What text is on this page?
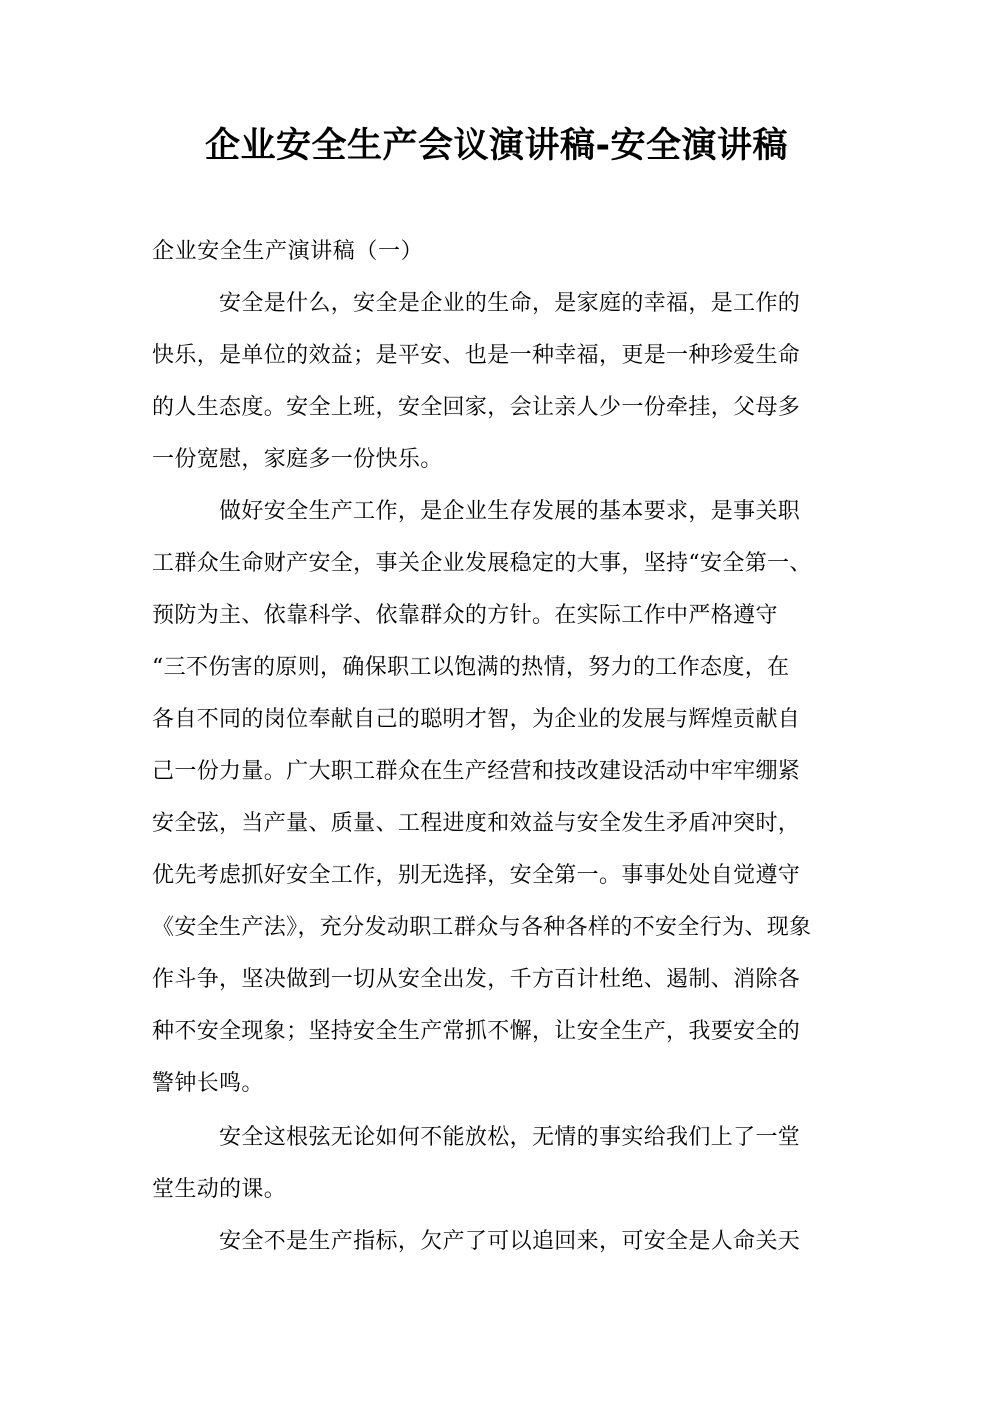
企业安全生产会议演讲稿-安全演讲稿
企业安全生产演讲稿（一）
　　　安全是什么，安全是企业的生命，是家庭的幸福，是工作的
快乐，是单位的效益；是平安、也是一种幸福，更是一种珍爱生命
的人生态度。安全上班，安全回家，会让亲人少一份牵挂，父母多
一份宽慰，家庭多一份快乐。
　　　做好安全生产工作，是企业生存发展的基本要求，是事关职
工群众生命财产安全，事关企业发展稳定的大事，坚持“安全第一、
预防为主、依靠科学、依靠群众的方针。在实际工作中严格遵守
“三不伤害的原则，确保职工以饱满的热情，努力的工作态度，在
各自不同的岗位奉献自己的聪明才智，为企业的发展与辉煌贡献自
己一份力量。广大职工群众在生产经营和技改建设活动中牢牢绷紧
安全弦，当产量、质量、工程进度和效益与安全发生矛盾冲突时，
优先考虑抓好安全工作，别无选择，安全第一。事事处处自觉遵守
《安全生产法》，充分发动职工群众与各种各样的不安全行为、现象
作斗争，坚决做到一切从安全出发，千方百计杜绝、遏制、消除各
种不安全现象；坚持安全生产常抓不懈，让安全生产，我要安全的
警钟长鸣。
　　　安全这根弦无论如何不能放松，无情的事实给我们上了一堂
堂生动的课。
　　　安全不是生产指标，欠产了可以追回来，可安全是人命关天
